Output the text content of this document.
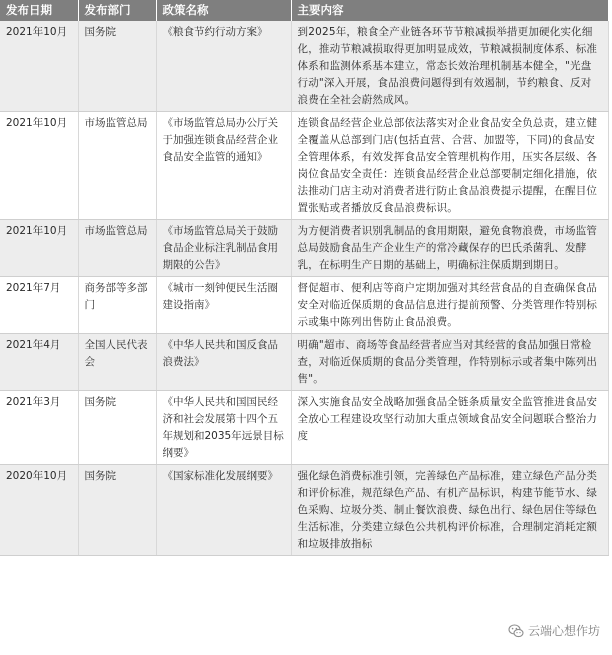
发布日期	发布部门	政策名称	主要内容
2021年10月	国务院	《粮食节约行动方案》	到2025年，粮食全产业链各环节节粮减损举措更加硬化实化细化，推动节粮减损取得更加明显成效，节粮减损制度体系、标准体系和监测体系基本建立，常态长效治理机制基本健全，"光盘行动"深入开展，食品浪费问题得到有效遏制，节约粮食、反对浪费在全社会蔚然成风。
2021年10月	市场监管总局	《市场监管总局办公厅关于加强连锁食品经营企业食品安全监管的通知》	连锁食品经营企业总部依法落实对企业食品安全负总责，建立健全覆盖从总部到门店(包括直营、合营、加盟等，下同)的食品安全管理体系，有效发挥食品安全管理机构作用，压实各层级、各岗位食品安全责任：连锁食品经营企业总部要制定细化措施，依法推动门店主动对消费者进行防止食品浪费提示提醒，在醒目位置张贴或者播放反食品浪费标识。
2021年10月	市场监管总局	《市场监管总局关于鼓励食品企业标注乳制品食用期限的公告》	为方便消费者识别乳制品的食用期限，避免食物浪费，市场监管总局鼓励食品生产企业生产的常冷藏保存的巴氏杀菌乳、发酵乳，在标明生产日期的基础上，明确标注保质期到期日。
2021年7月	商务部等多部门	《城市一刻钟便民生活圈建设指南》	督促超市、便利店等商户定期加强对其经营食品的自查确保食品安全对临近保质期的食品信息进行提前预警、分类管理作特别标示或集中陈列出售防止食品浪费。
2021年4月	全国人民代表会	《中华人民共和国反食品浪费法》	明确"超市、商场等食品经营者应当对其经营的食品加强日常检查，对临近保质期的食品分类管理，作特别标示或者集中陈列出售"。
2021年3月	国务院	《中华人民共和国国民经济和社会发展第十四个五年规划和2035年远景目标纲要》	深入实施食品安全战略加强食品全链条质量安全监管推进食品安全放心工程建设攻坚行动加大重点领域食品安全问题联合整治力度
2020年10月	国务院	《国家标准化发展纲要》	强化绿色消费标准引领，完善绿色产品标准，建立绿色产品分类和评价标准，规范绿色产品、有机产品标识，构建节能节水、绿色采购、垃圾分类、制止餐饮浪费、绿色出行、绿色居住等绿色生活标准，分类建立绿色公共机构评价标准，合理制定消耗定额和垃圾排放指标
云端心想作坊
